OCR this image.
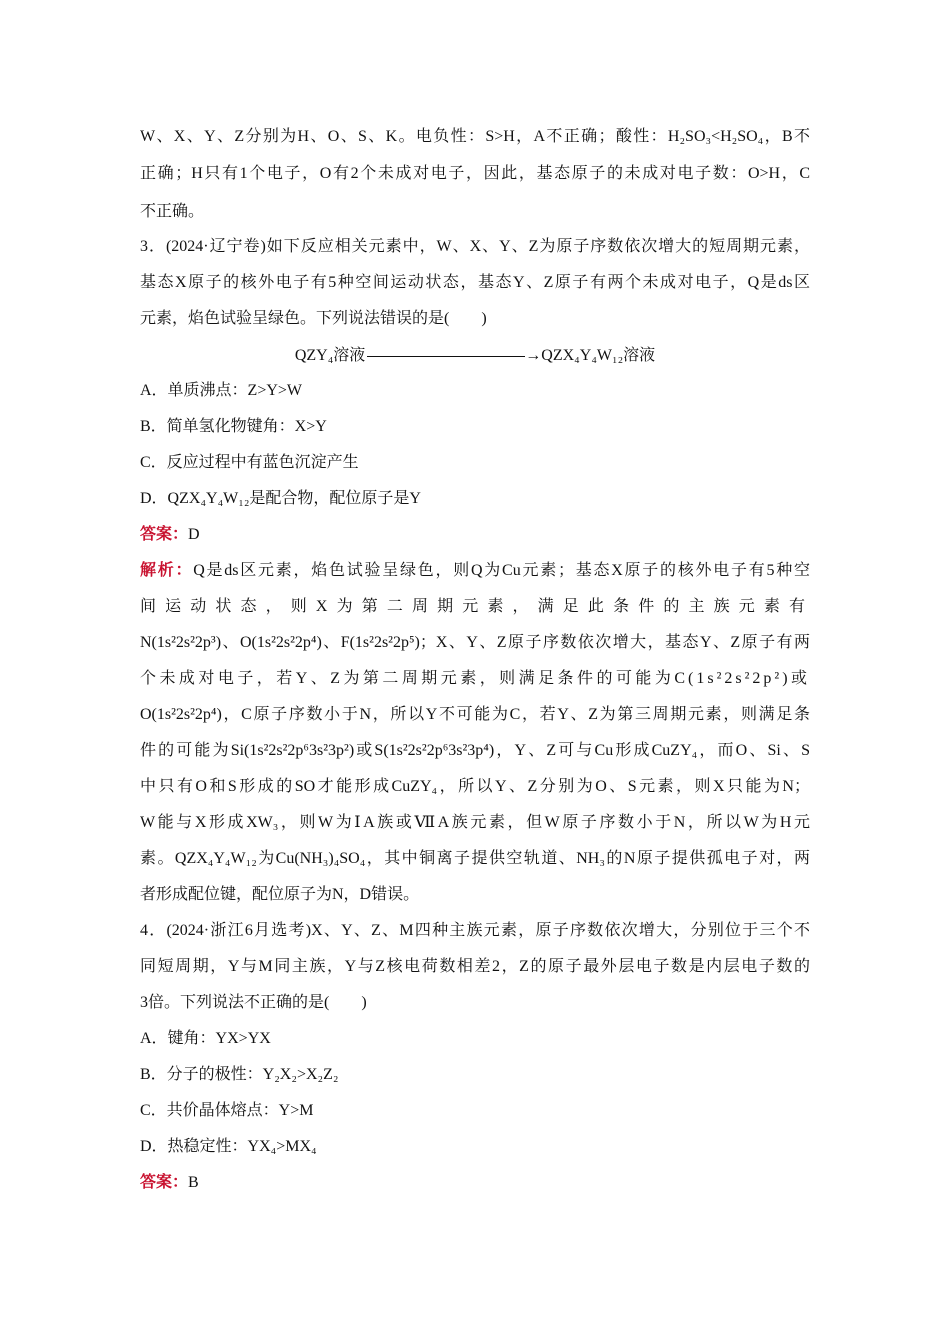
W、X、Y、Z分别为H、O、S、K。电负性：S>H，A不正确；酸性：H₂SO₃<H₂SO₄，B不
正确；H只有1个电子，O有2个未成对电子，因此，基态原子的未成对电子数：O>H，C
不正确。
3．(2024·辽宁卷)如下反应相关元素中，W、X、Y、Z为原子序数依次增大的短周期元素，
基态X原子的核外电子有5种空间运动状态，基态Y、Z原子有两个未成对电子，Q是ds区
元素，焰色试验呈绿色。下列说法错误的是(　　)
QZY₄溶液	→QZX₄Y₄W₁₂溶液
A．单质沸点：Z>Y>W
B．简单氢化物键角：X>Y
C．反应过程中有蓝色沉淀产生
D．QZX₄Y₄W₁₂是配合物，配位原子是Y
答案：D
解析：Q是ds区元素，焰色试验呈绿色，则Q为Cu元素；基态X原子的核外电子有5种空
间运动状态，则X为第二周期元素，满足此条件的主族元素有
N(1s²2s²2p³)、O(1s²2s²2p⁴)、F(1s²2s²2p⁵)；X、Y、Z原子序数依次增大，基态Y、Z原子有两
个未成对电子，若Y、Z为第二周期元素，则满足条件的可能为C(1s²2s²2p²)或
O(1s²2s²2p⁴)，C原子序数小于N，所以Y不可能为C，若Y、Z为第三周期元素，则满足条
件的可能为Si(1s²2s²2p⁶3s²3p²)或S(1s²2s²2p⁶3s²3p⁴)，Y、Z可与Cu形成CuZY₄，而O、Si、S
中只有O和S形成的SO才能形成CuZY₄，所以Y、Z分别为O、S元素，则X只能为N；
W能与X形成XW₃，则W为ⅠA族或ⅦA族元素，但W原子序数小于N，所以W为H元
素。QZX₄Y₄W₁₂为Cu(NH₃)₄SO₄，其中铜离子提供空轨道、NH₃的N原子提供孤电子对，两
者形成配位键，配位原子为N，D错误。
4．(2024·浙江6月选考)X、Y、Z、M四种主族元素，原子序数依次增大，分别位于三个不
同短周期，Y与M同主族，Y与Z核电荷数相差2，Z的原子最外层电子数是内层电子数的
3倍。下列说法不正确的是(　　)
A．键角：YX>YX
B．分子的极性：Y₂X₂>X₂Z₂
C．共价晶体熔点：Y>M
D．热稳定性：YX₄>MX₄
答案：B
